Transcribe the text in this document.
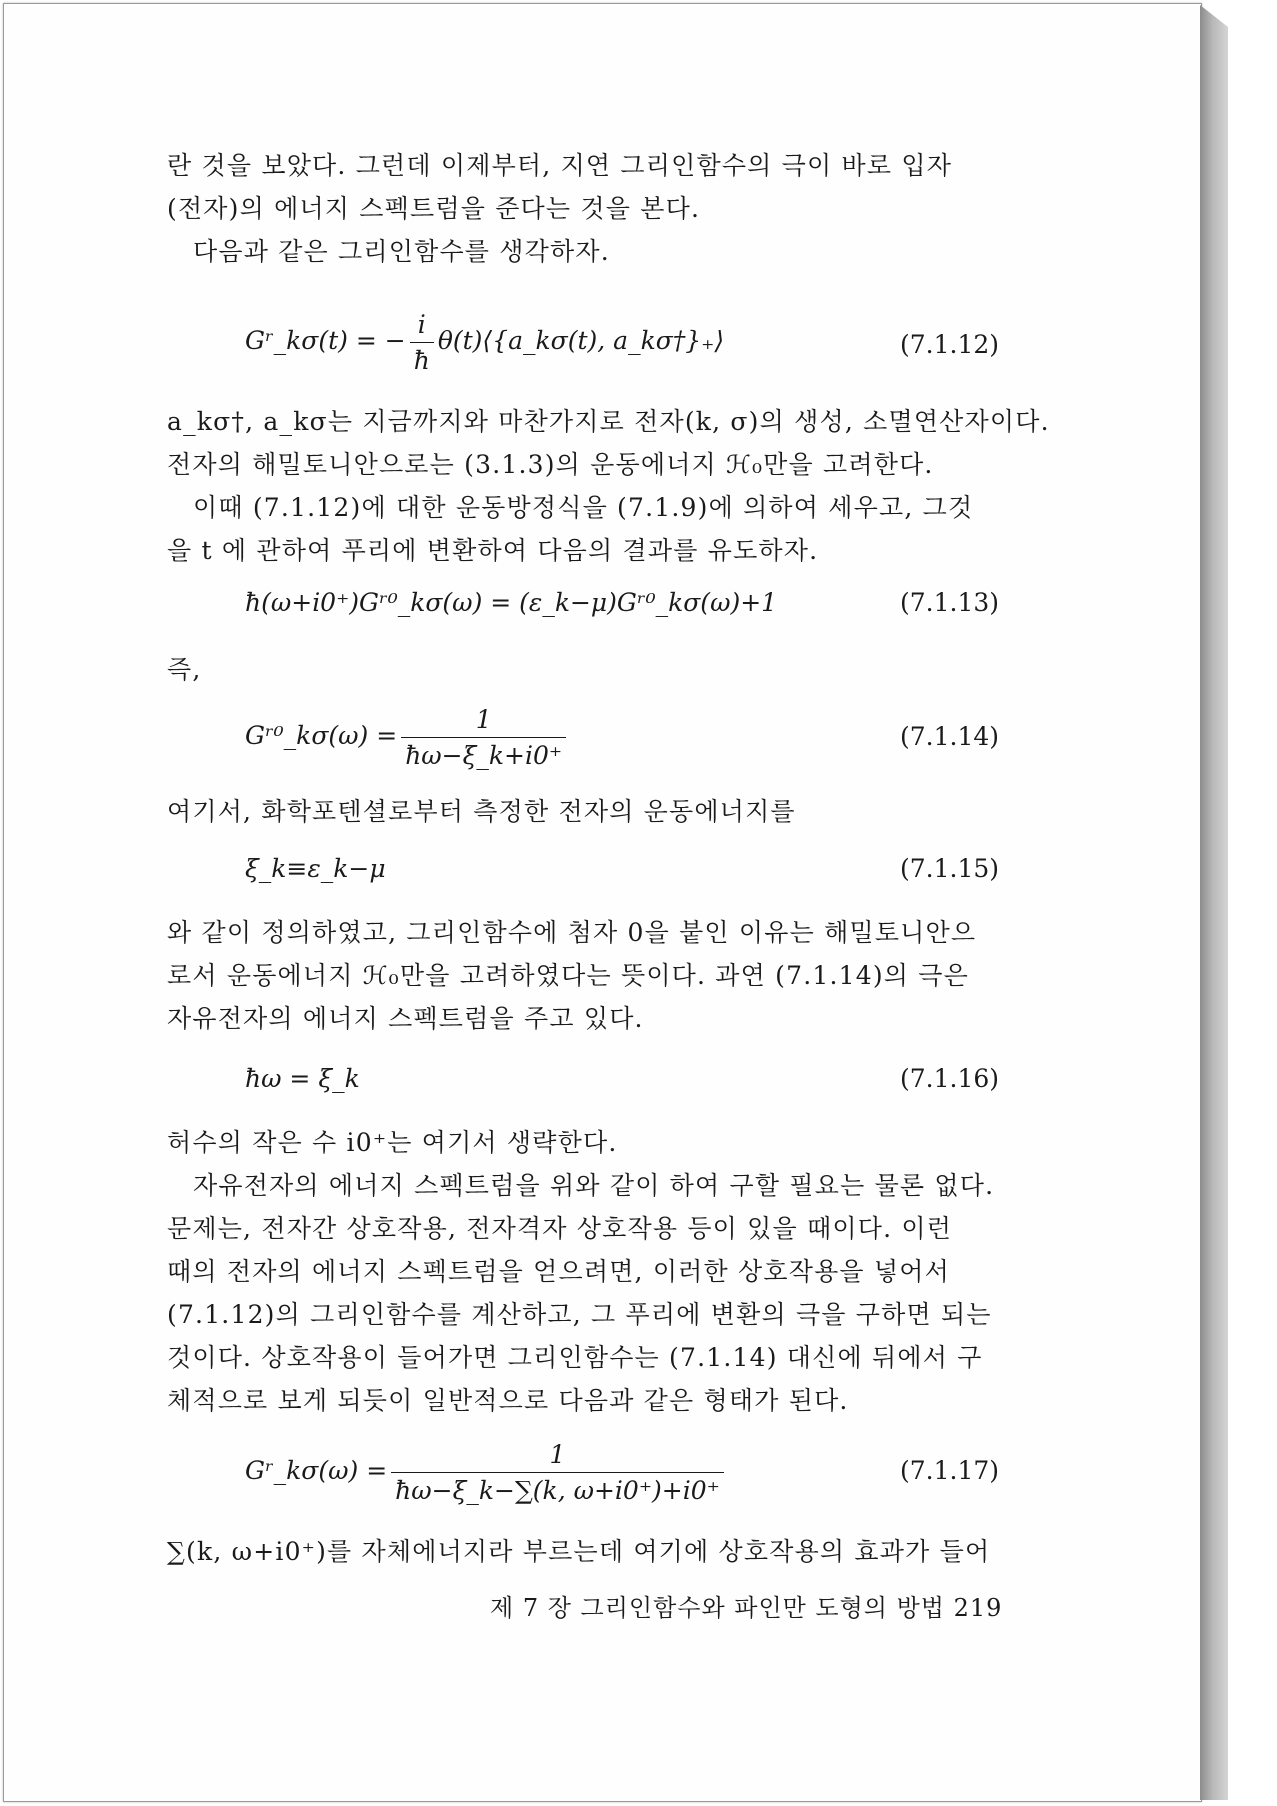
란 것을 보았다. 그런데 이제부터, 지연 그리인함수의 극이 바로 입자
(전자)의 에너지 스펙트럼을 준다는 것을 본다.
다음과 같은 그리인함수를 생각하자.
Gʳ_kσ(t) = − $\frac{i}{ħ}$ θ(t)⟨{a_kσ(t), a_kσ†}₊⟩	(7.1.12)
a_kσ†, a_kσ는 지금까지와 마찬가지로 전자(k, σ)의 생성, 소멸연산자이다.
전자의 해밀토니안으로는 (3.1.3)의 운동에너지 ℋ₀만을 고려한다.
이때 (7.1.12)에 대한 운동방정식을 (7.1.9)에 의하여 세우고, 그것
을 t 에 관하여 푸리에 변환하여 다음의 결과를 유도하자.
ħ(ω+i0⁺)Gʳ⁰_kσ(ω) = (ε_k−μ)Gʳ⁰_kσ(ω)+1	(7.1.13)
즉,
Gʳ⁰_kσ(ω) = $\frac{1}{ħ\omega-\xi\_k+i0^+}$	(7.1.14)
여기서, 화학포텐셜로부터 측정한 전자의 운동에너지를
ξ_k≡ε_k−μ	(7.1.15)
와 같이 정의하였고, 그리인함수에 첨자 0을 붙인 이유는 해밀토니안으
로서 운동에너지 ℋ₀만을 고려하였다는 뜻이다. 과연 (7.1.14)의 극은
자유전자의 에너지 스펙트럼을 주고 있다.
ħω = ξ_k	(7.1.16)
허수의 작은 수 i0⁺는 여기서 생략한다.
자유전자의 에너지 스펙트럼을 위와 같이 하여 구할 필요는 물론 없다.
문제는, 전자간 상호작용, 전자격자 상호작용 등이 있을 때이다. 이런
때의 전자의 에너지 스펙트럼을 얻으려면, 이러한 상호작용을 넣어서
(7.1.12)의 그리인함수를 계산하고, 그 푸리에 변환의 극을 구하면 되는
것이다. 상호작용이 들어가면 그리인함수는 (7.1.14) 대신에 뒤에서 구
체적으로 보게 되듯이 일반적으로 다음과 같은 형태가 된다.
Gʳ_kσ(ω) = $\frac{1}{ħ\omega-\xi\_k-\sum(k, \omega+i0^+)+i0^+}$	(7.1.17)
∑(k, ω+i0⁺)를 자체에너지라 부르는데 여기에 상호작용의 효과가 들어
제 7 장 그리인함수와 파인만 도형의 방법 219
